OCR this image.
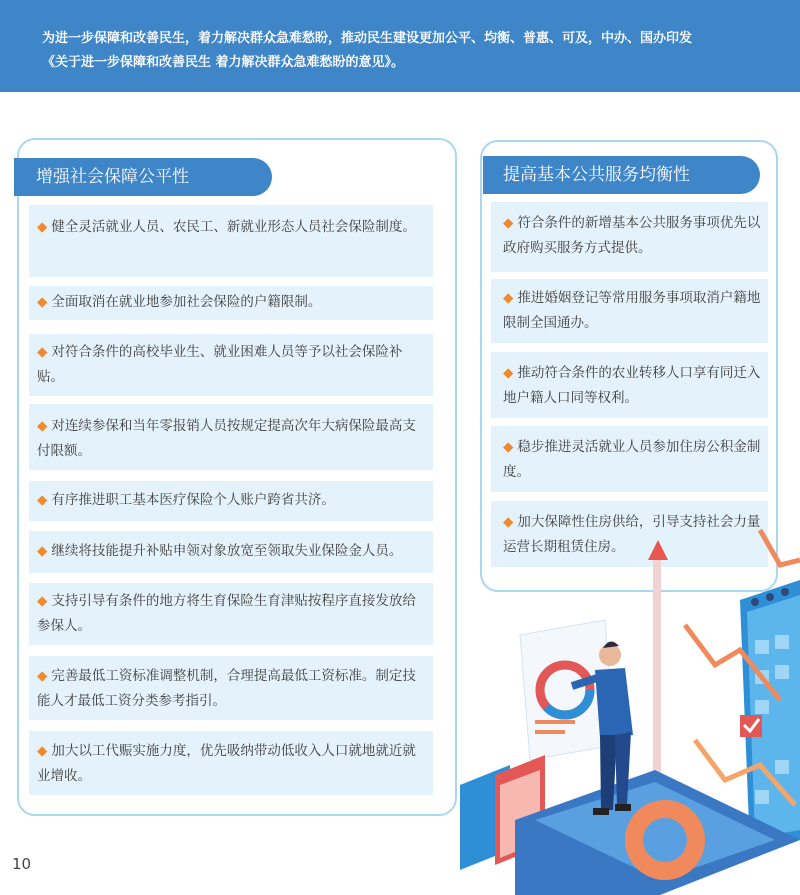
为进一步保障和改善民生，着力解决群众急难愁盼，推动民生建设更加公平、均衡、普惠、可及，中办、国办印发
《关于进一步保障和改善民生 着力解决群众急难愁盼的意见》。
增强社会保障公平性
◆ 健全灵活就业人员、农民工、新就业形态人员社会保险制度。
◆ 全面取消在就业地参加社会保险的户籍限制。
◆ 对符合条件的高校毕业生、就业困难人员等予以社会保险补贴。
◆ 对连续参保和当年零报销人员按规定提高次年大病保险最高支付限额。
◆ 有序推进职工基本医疗保险个人账户跨省共济。
◆ 继续将技能提升补贴申领对象放宽至领取失业保险金人员。
◆ 支持引导有条件的地方将生育保险生育津贴按程序直接发放给参保人。
◆ 完善最低工资标准调整机制，合理提高最低工资标准。制定技能人才最低工资分类参考指引。
◆ 加大以工代赈实施力度，优先吸纳带动低收入人口就地就近就业增收。
提高基本公共服务均衡性
◆ 符合条件的新增基本公共服务事项优先以政府购买服务方式提供。
◆ 推进婚姻登记等常用服务事项取消户籍地限制全国通办。
◆ 推动符合条件的农业转移人口享有同迁入地户籍人口同等权利。
◆ 稳步推进灵活就业人员参加住房公积金制度。
◆ 加大保障性住房供给，引导支持社会力量运营长期租赁住房。
10
